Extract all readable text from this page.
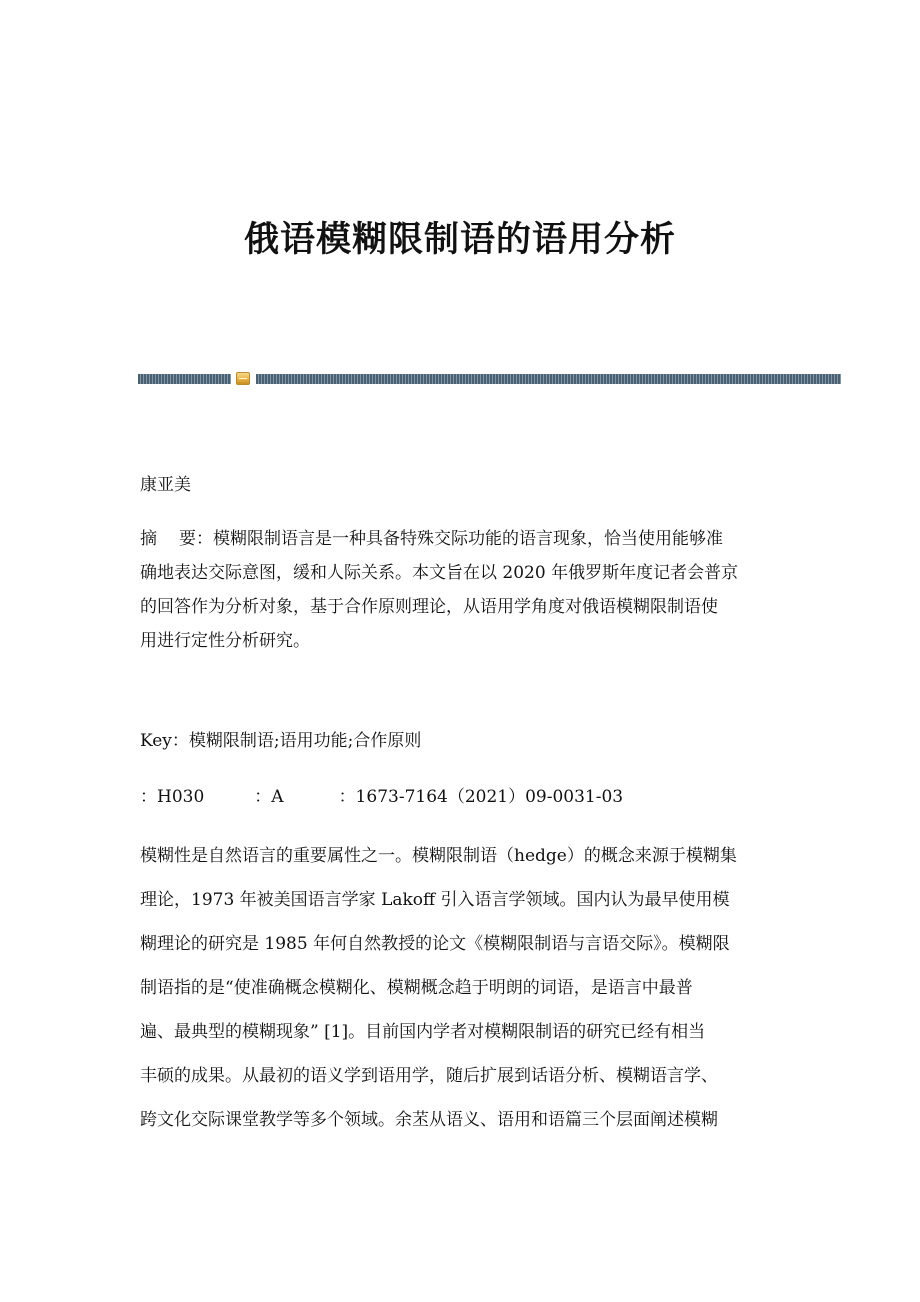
俄语模糊限制语的语用分析

康亚美

摘 要：模糊限制语言是一种具备特殊交际功能的语言现象，恰当使用能够准
确地表达交际意图，缓和人际关系。本文旨在以 2020 年俄罗斯年度记者会普京
的回答作为分析对象，基于合作原则理论，从语用学角度对俄语模糊限制语使
用进行定性分析研究。

Key：模糊限制语;语用功能;合作原则

：H030	：A	：1673-7164（2021）09-0031-03

模糊性是自然语言的重要属性之一。模糊限制语（hedge）的概念来源于模糊集
理论，1973 年被美国语言学家 Lakoff 引入语言学领域。国内认为最早使用模
糊理论的研究是 1985 年何自然教授的论文《模糊限制语与言语交际》。模糊限
制语指的是“使准确概念模糊化、模糊概念趋于明朗的词语，是语言中最普
遍、最典型的模糊现象” [1]。目前国内学者对模糊限制语的研究已经有相当
丰硕的成果。从最初的语义学到语用学，随后扩展到话语分析、模糊语言学、
跨文化交际课堂教学等多个领域。余苤从语义、语用和语篇三个层面阐述模糊
